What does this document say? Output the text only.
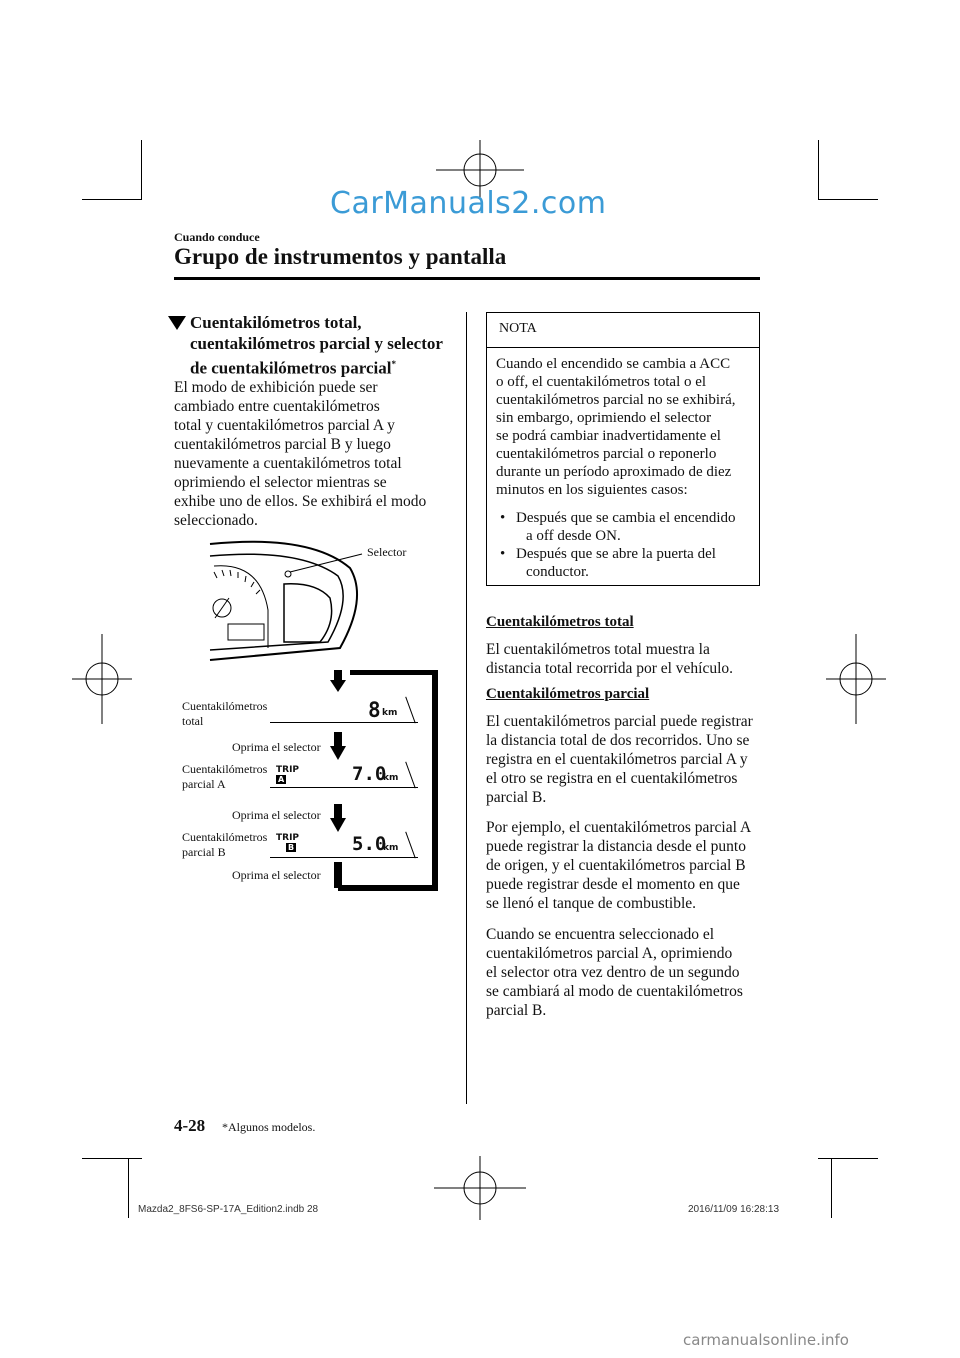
CarManuals2.com
Cuando conduce
Grupo de instrumentos y pantalla
Cuentakilómetros total,
cuentakilómetros parcial y selector
de cuentakilómetros parcial*
El modo de exhibición puede ser
cambiado entre cuentakilómetros
total y cuentakilómetros parcial A y
cuentakilómetros parcial B y luego
nuevamente a cuentakilómetros total
oprimiendo el selector mientras se
exhibe uno de ellos. Se exhibirá el modo
seleccionado.
Selector
Cuentakilómetros
total	8 km
Oprima el selector
Cuentakilómetros
parcial A
TRIP
A	7.0
km
Oprima el selector
Cuentakilómetros
parcial B
TRIP
B	5.0
km
Oprima el selector
NOTA
Cuando el encendido se cambia a ACC
o off, el cuentakilómetros total o el
cuentakilómetros parcial no se exhibirá,
sin embargo, oprimiendo el selector
se podrá cambiar inadvertidamente el
cuentakilómetros parcial o reponerlo
durante un período aproximado de diez
minutos en los siguientes casos:
• Después que se cambia el encendido
a off desde ON.
• Después que se abre la puerta del
conductor.
Cuentakilómetros total
El cuentakilómetros total muestra la
distancia total recorrida por el vehículo.
Cuentakilómetros parcial
El cuentakilómetros parcial puede registrar
la distancia total de dos recorridos. Uno se
registra en el cuentakilómetros parcial A y
el otro se registra en el cuentakilómetros
parcial B.
Por ejemplo, el cuentakilómetros parcial A
puede registrar la distancia desde el punto
de origen, y el cuentakilómetros parcial B
puede registrar desde el momento en que
se llenó el tanque de combustible.
Cuando se encuentra seleccionado el
cuentakilómetros parcial A, oprimiendo
el selector otra vez dentro de un segundo
se cambiará al modo de cuentakilómetros
parcial B.
4-28 *Algunos modelos.
Mazda2_8FS6-SP-17A_Edition2.indb 28	2016/11/09 16:28:13
carmanualsonline.info
